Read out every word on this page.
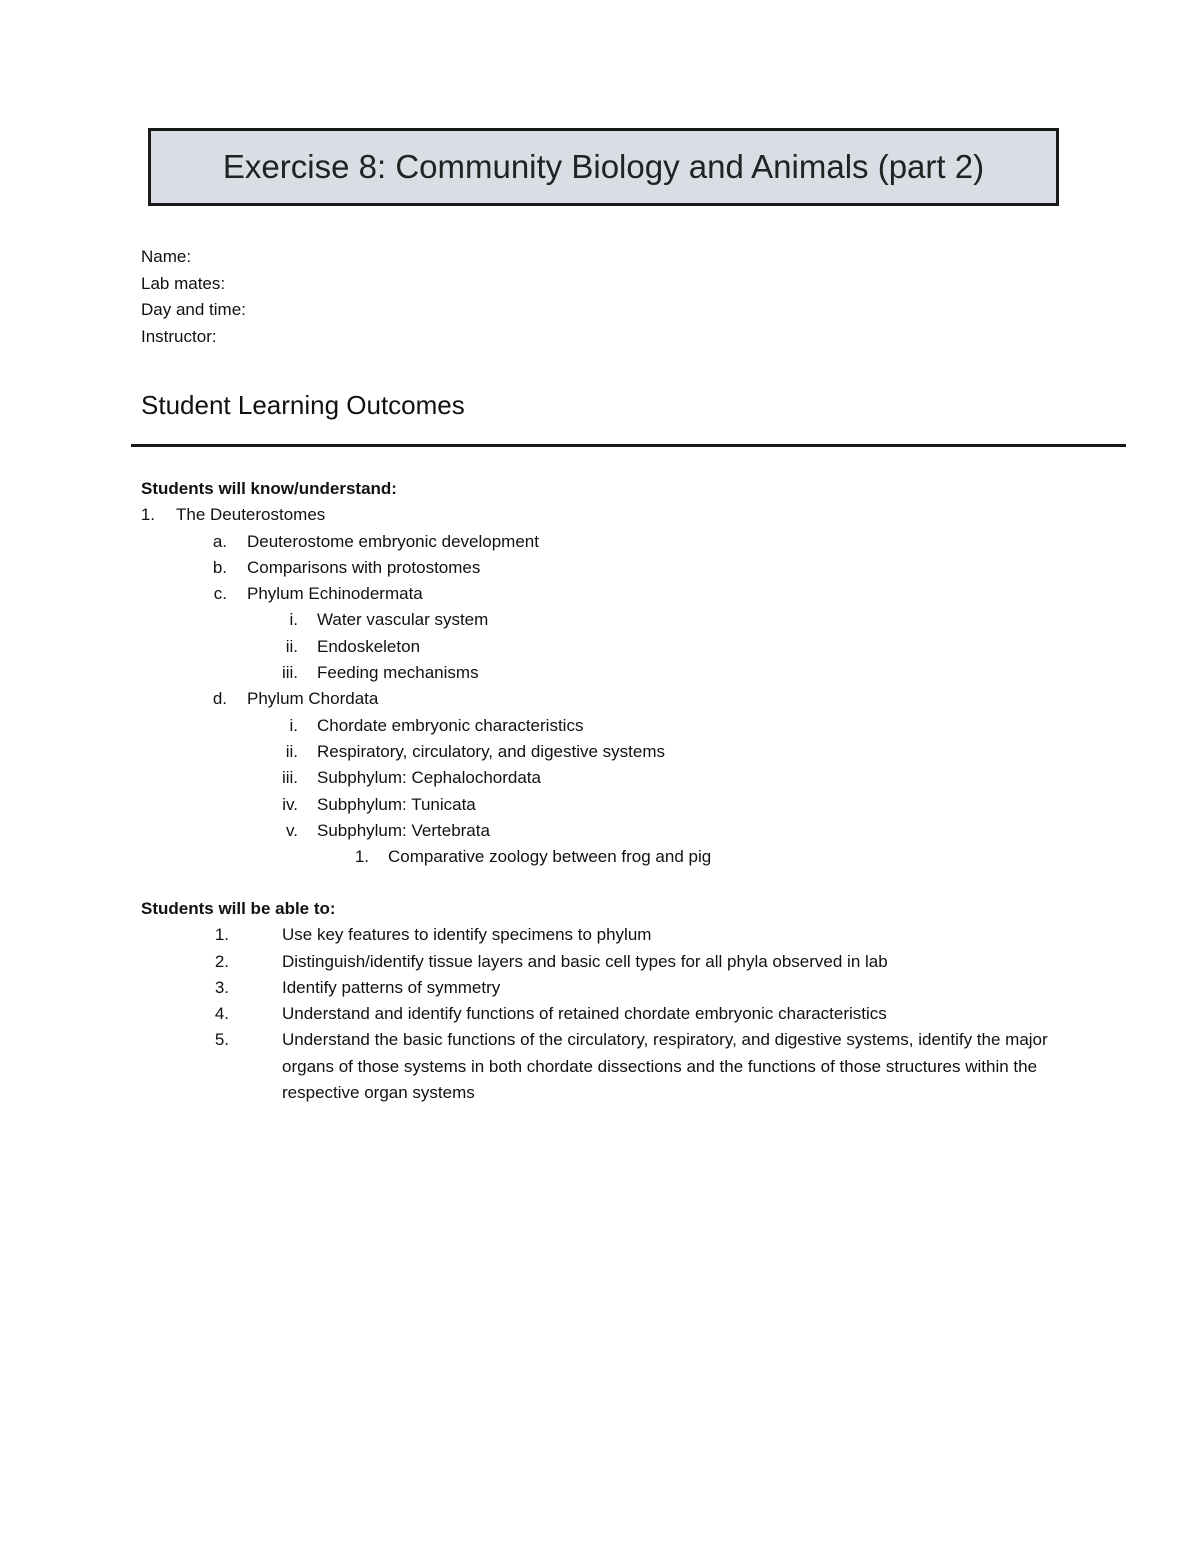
Exercise 8: Community Biology and Animals (part 2)
Name:
Lab mates:
Day and time:
Instructor:
Student Learning Outcomes
Students will know/understand:
1. The Deuterostomes
a. Deuterostome embryonic development
b. Comparisons with protostomes
c. Phylum Echinodermata
i. Water vascular system
ii. Endoskeleton
iii. Feeding mechanisms
d. Phylum Chordata
i. Chordate embryonic characteristics
ii. Respiratory, circulatory, and digestive systems
iii. Subphylum: Cephalochordata
iv. Subphylum: Tunicata
v. Subphylum: Vertebrata
1. Comparative zoology between frog and pig
Students will be able to:
1.	Use key features to identify specimens to phylum
2.	Distinguish/identify tissue layers and basic cell types for all phyla observed in lab
3.	Identify patterns of symmetry
4.	Understand and identify functions of retained chordate embryonic characteristics
5.	Understand the basic functions of the circulatory, respiratory, and digestive systems, identify the major organs of those systems in both chordate dissections and the functions of those structures within the respective organ systems
